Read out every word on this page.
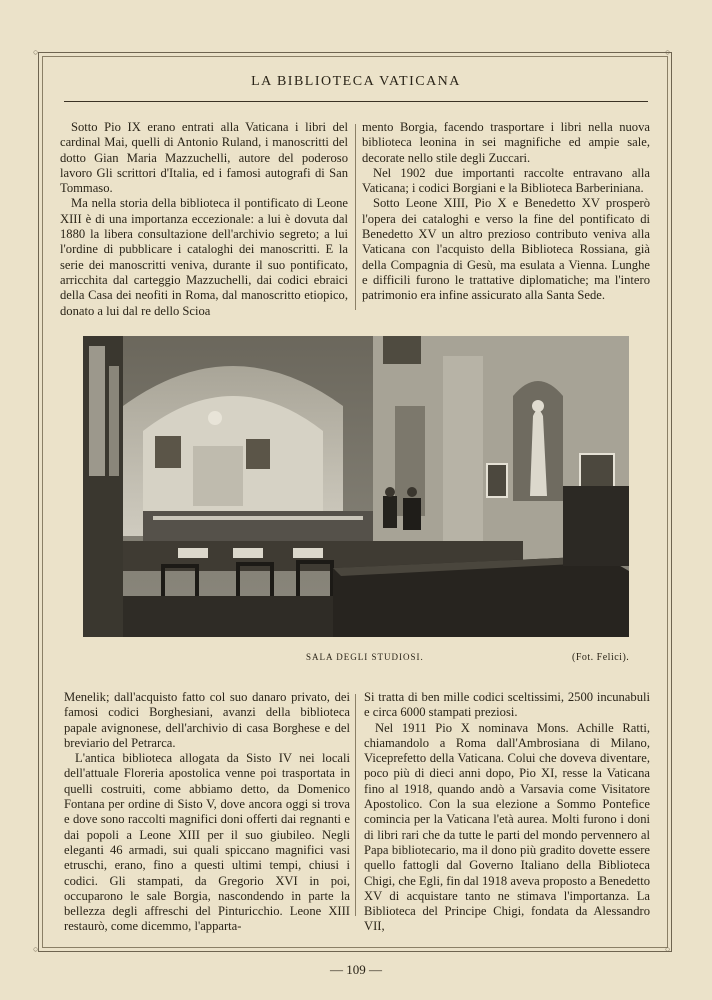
○	○
○	○
LA BIBLIOTECA VATICANA

Sotto Pio IX erano entrati alla Vaticana i libri del cardinal Mai, quelli di Antonio Ruland, i manoscritti del dotto Gian Maria Mazzuchelli, autore del poderoso lavoro Gli scrittori d'Italia, ed i famosi autografi di San Tommaso.

Ma nella storia della biblioteca il pontificato di Leone XIII è di una importanza eccezionale: a lui è dovuta dal 1880 la libera consultazione dell'archivio segreto; a lui l'ordine di pubblicare i cataloghi dei manoscritti. E la serie dei manoscritti veniva, durante il suo pontificato, arricchita dal carteggio Mazzuchelli, dai codici ebraici della Casa dei neofiti in Roma, dal manoscritto etiopico, donato a lui dal re dello Scioa

mento Borgia, facendo trasportare i libri nella nuova biblioteca leonina in sei magnifiche ed ampie sale, decorate nello stile degli Zuccari.

Nel 1902 due importanti raccolte entravano alla Vaticana; i codici Borgiani e la Biblioteca Barberiniana.

Sotto Leone XIII, Pio X e Benedetto XV prosperò l'opera dei cataloghi e verso la fine del pontificato di Benedetto XV un altro prezioso contributo veniva alla Vaticana con l'acquisto della Biblioteca Rossiana, già della Compagnia di Gesù, ma esulata a Vienna. Lunghe e difficili furono le trattative diplomatiche; ma l'intero patrimonio era infine assicurato alla Santa Sede.

SALA DEGLI STUDIOSI.	(Fot. Felici).

Menelik; dall'acquisto fatto col suo danaro privato, dei famosi codici Borghesiani, avanzi della biblioteca papale avignonese, dell'archivio di casa Borghese e del breviario del Petrarca.

L'antica biblioteca allogata da Sisto IV nei locali dell'attuale Floreria apostolica venne poi trasportata in quelli costruiti, come abbiamo detto, da Domenico Fontana per ordine di Sisto V, dove ancora oggi si trova e dove sono raccolti magnifici doni offerti dai regnanti e dai popoli a Leone XIII per il suo giubileo. Negli eleganti 46 armadi, sui quali spiccano magnifici vasi etruschi, erano, fino a questi ultimi tempi, chiusi i codici. Gli stampati, da Gregorio XVI in poi, occuparono le sale Borgia, nascondendo in parte la bellezza degli affreschi del Pinturicchio. Leone XIII restaurò, come dicemmo, l'apparta-

Si tratta di ben mille codici sceltissimi, 2500 incunabuli e circa 6000 stampati preziosi.

Nel 1911 Pio X nominava Mons. Achille Ratti, chiamandolo a Roma dall'Ambrosiana di Milano, Viceprefetto della Vaticana. Colui che doveva diventare, poco più di dieci anni dopo, Pio XI, resse la Vaticana fino al 1918, quando andò a Varsavia come Visitatore Apostolico. Con la sua elezione a Sommo Pontefice comincia per la Vaticana l'età aurea. Molti furono i doni di libri rari che da tutte le parti del mondo pervennero al Papa bibliotecario, ma il dono più gradito dovette essere quello fattogli dal Governo Italiano della Biblioteca Chigi, che Egli, fin dal 1918 aveva proposto a Benedetto XV di acquistare tanto ne stimava l'importanza. La Biblioteca del Principe Chigi, fondata da Alessandro VII,

— 109 —
